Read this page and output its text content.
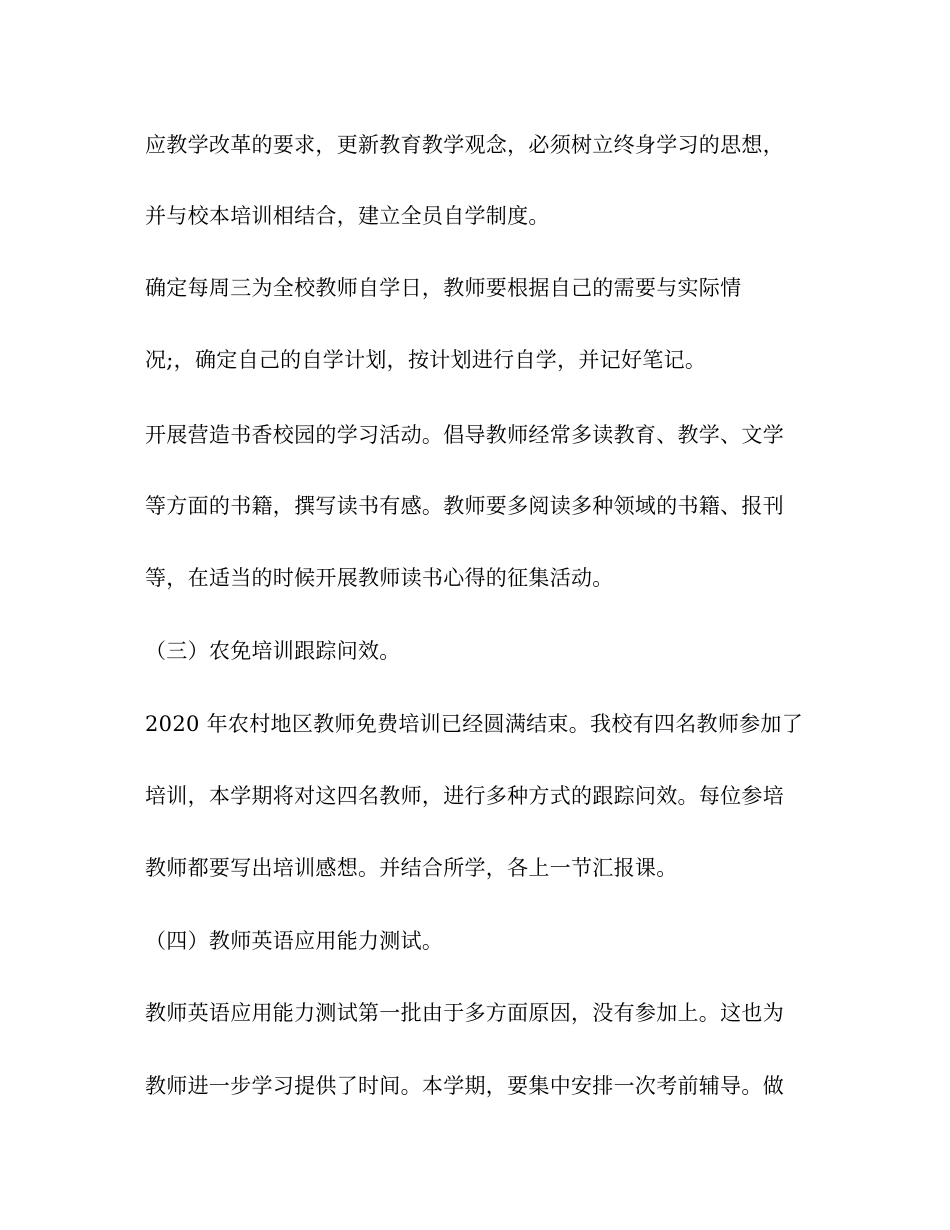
应教学改革的要求，更新教育教学观念，必须树立终身学习的思想，
并与校本培训相结合，建立全员自学制度。
确定每周三为全校教师自学日，教师要根据自己的需要与实际情
况;，确定自己的自学计划，按计划进行自学，并记好笔记。
开展营造书香校园的学习活动。倡导教师经常多读教育、教学、文学
等方面的书籍，撰写读书有感。教师要多阅读多种领域的书籍、报刊
等，在适当的时候开展教师读书心得的征集活动。
（三）农免培训跟踪问效。
2020 年农村地区教师免费培训已经圆满结束。我校有四名教师参加了
培训，本学期将对这四名教师，进行多种方式的跟踪问效。每位参培
教师都要写出培训感想。并结合所学，各上一节汇报课。
（四）教师英语应用能力测试。
教师英语应用能力测试第一批由于多方面原因，没有参加上。这也为
教师进一步学习提供了时间。本学期，要集中安排一次考前辅导。做
